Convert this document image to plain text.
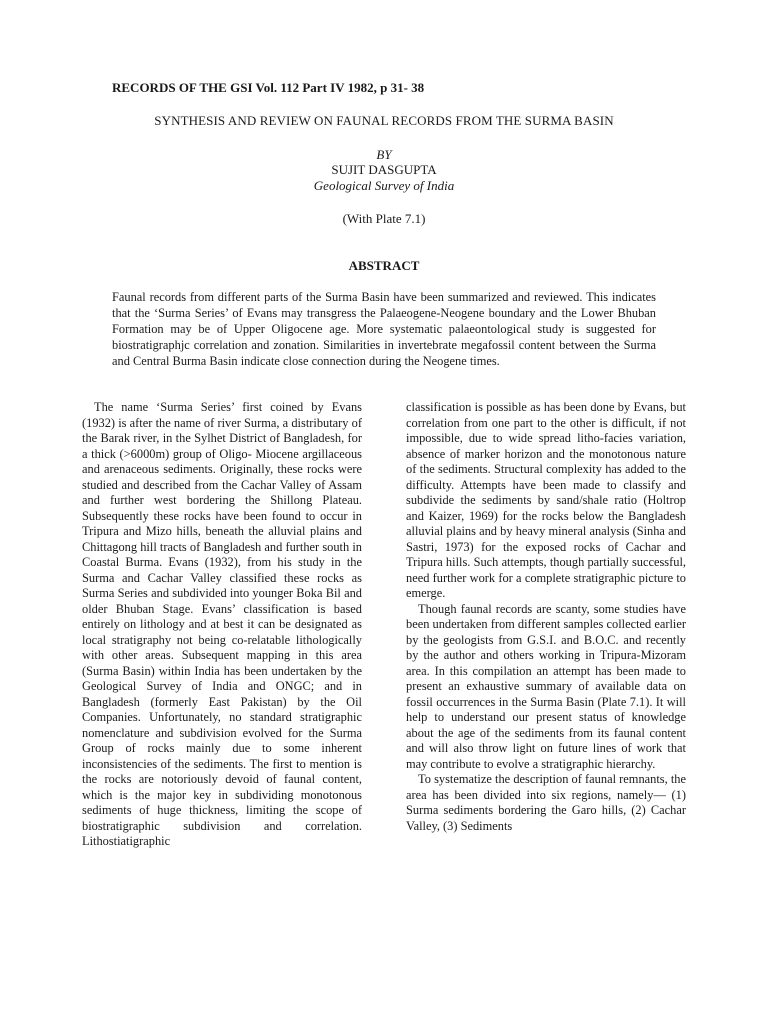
RECORDS OF THE GSI Vol. 112 Part IV 1982, p 31- 38
SYNTHESIS AND REVIEW ON FAUNAL RECORDS FROM THE SURMA BASIN
BY
SUJIT DASGUPTA
Geological Survey of India
(With Plate 7.1)
ABSTRACT
Faunal records from different parts of the Surma Basin have been summarized and reviewed. This indicates that the ‘Surma Series’ of Evans may transgress the Palaeogene-Neogene boundary and the Lower Bhuban Formation may be of Upper Oligocene age. More systematic palaeontological study is suggested for biostratigraphjc correlation and zonation. Similarities in invertebrate megafossil content between the Surma and Central Burma Basin indicate close connection during the Neogene times.

The name ‘Surma Series’ first coined by Evans (1932) is after the name of river Surma, a distributary of the Barak river, in the Sylhet District of Bangladesh, for a thick (>6000m) group of Oligo- Miocene argillaceous and arenaceous sediments. Originally, these rocks were studied and described from the Cachar Valley of Assam and further west bordering the Shillong Plateau. Subsequently these rocks have been found to occur in Tripura and Mizo hills, beneath the alluvial plains and Chittagong hill tracts of Bangladesh and further south in Coastal Burma. Evans (1932), from his study in the Surma and Cachar Valley classified these rocks as Surma Series and subdivided into younger Boka Bil and older Bhuban Stage. Evans’ classification is based entirely on lithology and at best it can be designated as local stratigraphy not being co-relatable lithologically with other areas. Subsequent mapping in this area (Surma Basin) within India has been undertaken by the Geological Survey of India and ONGC; and in Bangladesh (formerly East Pakistan) by the Oil Companies. Unfortunately, no standard stratigraphic nomenclature and subdivision evolved for the Surma Group of rocks mainly due to some inherent inconsistencies of the sediments. The first to mention is the rocks are notoriously devoid of faunal content, which is the major key in subdividing monotonous sediments of huge thickness, limiting the scope of biostratigraphic subdivision and correlation. Lithostiatigraphic

classification is possible as has been done by Evans, but correlation from one part to the other is difficult, if not impossible, due to wide spread litho-facies variation, absence of marker horizon and the monotonous nature of the sediments. Structural complexity has added to the difficulty. Attempts have been made to classify and subdivide the sediments by sand/shale ratio (Holtrop and Kaizer, 1969) for the rocks below the Bangladesh alluvial plains and by heavy mineral analysis (Sinha and Sastri, 1973) for the exposed rocks of Cachar and Tripura hills. Such attempts, though partially successful, need further work for a complete stratigraphic picture to emerge.

Though faunal records are scanty, some studies have been undertaken from different samples collected earlier by the geologists from G.S.I. and B.O.C. and recently by the author and others working in Tripura-Mizoram area. In this compilation an attempt has been made to present an exhaustive summary of available data on fossil occurrences in the Surma Basin (Plate 7.1). It will help to understand our present status of knowledge about the age of the sediments from its faunal content and will also throw light on future lines of work that may contribute to evolve a stratigraphic hierarchy.

To systematize the description of faunal remnants, the area has been divided into six regions, namely— (1) Surma sediments bordering the Garo hills, (2) Cachar Valley, (3) Sediments
